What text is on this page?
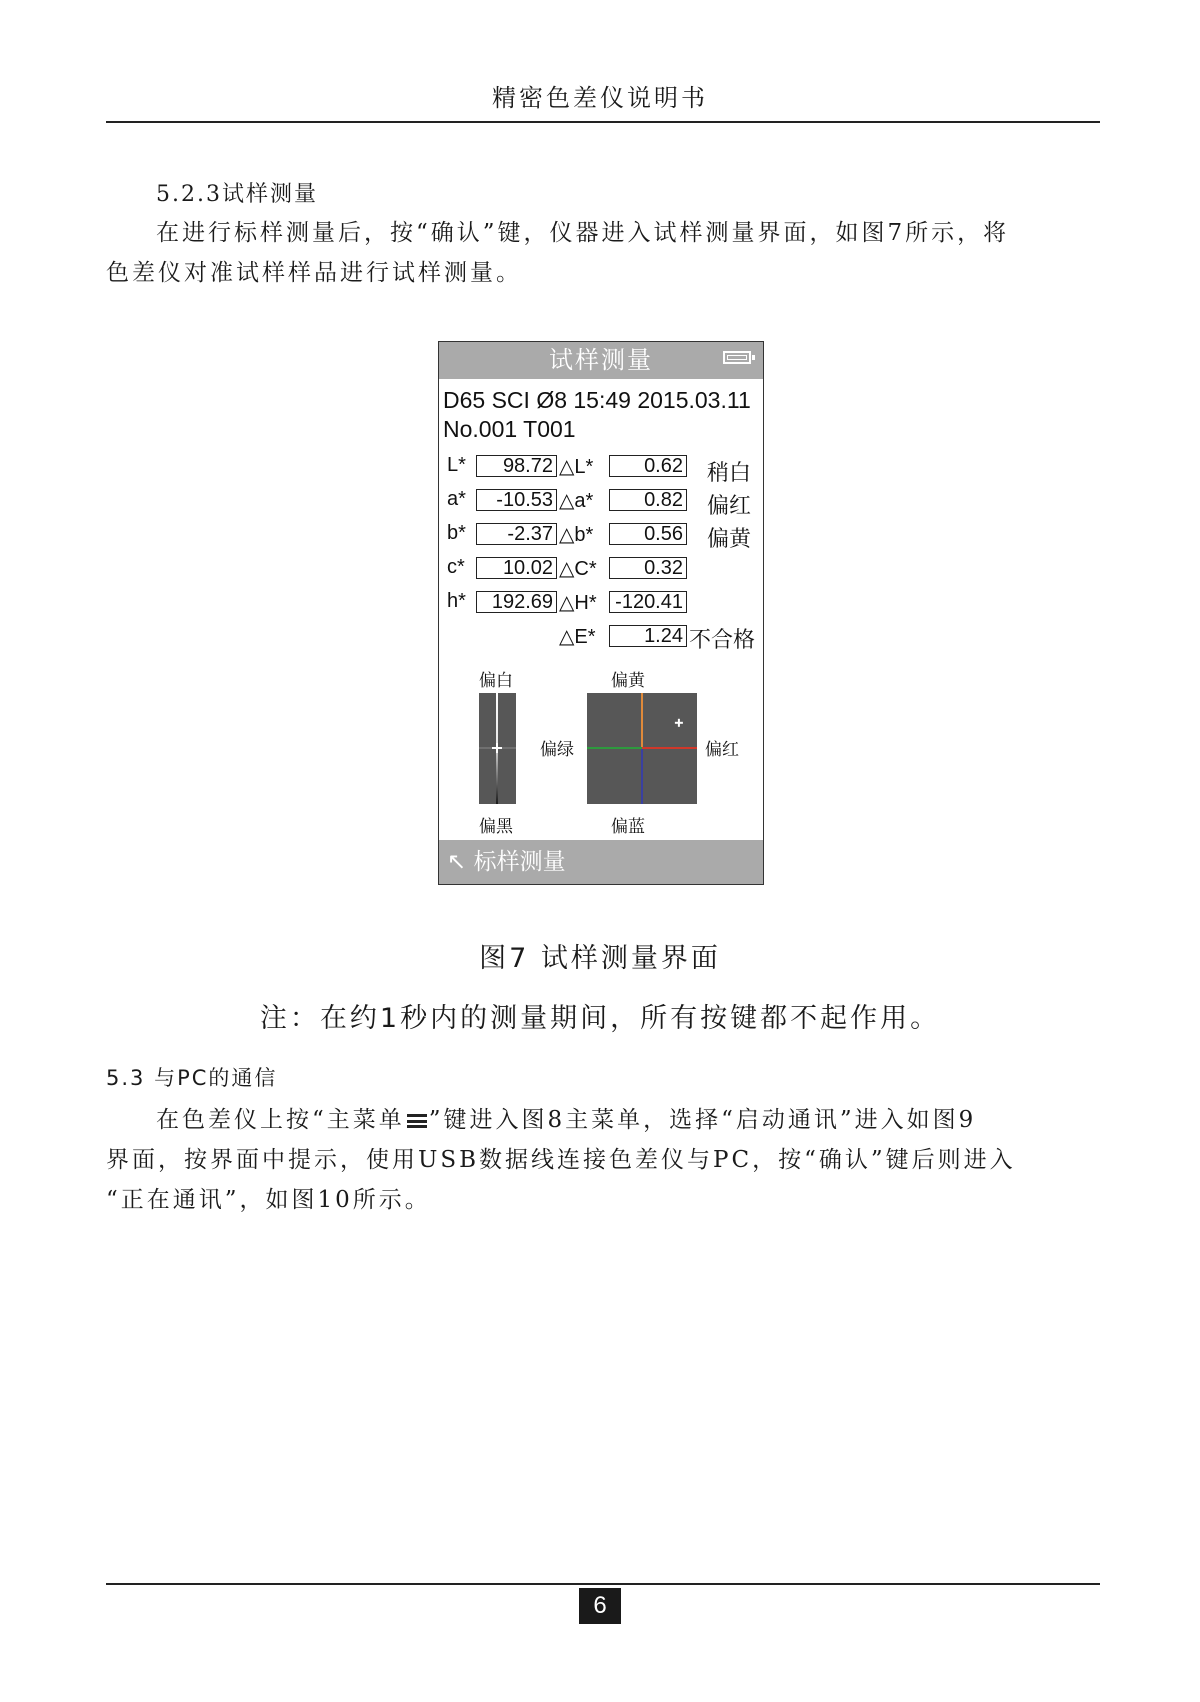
精密色差仪说明书
5.2.3试样测量
在进行标样测量后，按“确认”键，仪器进入试样测量界面，如图7所示，将
色差仪对准试样样品进行试样测量。
试样测量
D65 SCI Ø8 15:49 2015.03.11
No.001 T001
L*	98.72 △L*	0.62 稍白
a*	-10.53 △a*	0.82 偏红
b*	-2.37 △b*	0.56 偏黄
c*	10.02 △C*	0.32
h*	192.69 △H* -120.41
△E*	1.24 不合格
偏白
偏黑
偏黄
偏绿	偏红
偏蓝
↖ 标样测量
图7 试样测量界面
注：在约1秒内的测量期间，所有按键都不起作用。
5.3 与PC的通信
在色差仪上按“主菜单 ”键进入图8主菜单，选择“启动通讯”进入如图9
界面，按界面中提示，使用USB数据线连接色差仪与PC，按“确认”键后则进入
“正在通讯”，如图10所示。
6
